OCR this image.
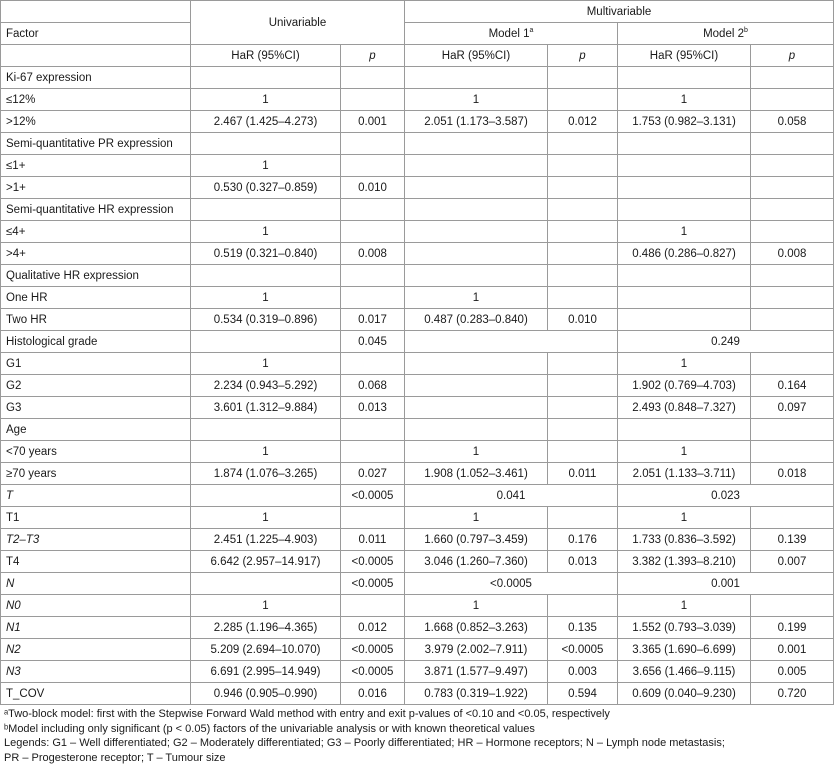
	Univariable		Multivariable			
Factor			Model 1$^a$		Model 2$^b$
	HaR (95%CI)	p	HaR (95%CI)	p	HaR (95%CI)	p
Ki-67 expression						
≤12%	1		1		1	
>12%	2.467 (1.425–4.273)	0.001	2.051 (1.173–3.587)	0.012	1.753 (0.982–3.131)	0.058
Semi-quantitative PR expression						
≤1+	1					
>1+	0.530 (0.327–0.859)	0.010				
Semi-quantitative HR expression						
≤4+	1				1	
>4+	0.519 (0.321–0.840)	0.008			0.486 (0.286–0.827)	0.008
Qualitative HR expression						
One HR	1		1			
Two HR	0.534 (0.319–0.896)	0.017	0.487 (0.283–0.840)	0.010		
Histological grade		0.045			0.249	
G1	1				1	
G2	2.234 (0.943–5.292)	0.068			1.902 (0.769–4.703)	0.164
G3	3.601 (1.312–9.884)	0.013			2.493 (0.848–7.327)	0.097
Age						
<70 years	1		1		1	
≥70 years	1.874 (1.076–3.265)	0.027	1.908 (1.052–3.461)	0.011	2.051 (1.133–3.711)	0.018
T		<0.0005	0.041		0.023	
T1	1		1		1	
T2–T3	2.451 (1.225–4.903)	0.011	1.660 (0.797–3.459)	0.176	1.733 (0.836–3.592)	0.139
T4	6.642 (2.957–14.917)	<0.0005	3.046 (1.260–7.360)	0.013	3.382 (1.393–8.210)	0.007
N		<0.0005	<0.0005		0.001	
N0	1		1		1	
N1	2.285 (1.196–4.365)	0.012	1.668 (0.852–3.263)	0.135	1.552 (0.793–3.039)	0.199
N2	5.209 (2.694–10.070)	<0.0005	3.979 (2.002–7.911)	<0.0005	3.365 (1.690–6.699)	0.001
N3	6.691 (2.995–14.949)	<0.0005	3.871 (1.577–9.497)	0.003	3.656 (1.466–9.115)	0.005
T_COV	0.946 (0.905–0.990)	0.016	0.783 (0.319–1.922)	0.594	0.609 (0.040–9.230)	0.720
ᵃTwo-block model: first with the Stepwise Forward Wald method with entry and exit p-values of <0.10 and <0.05, respectively
ᵇModel including only significant (p < 0.05) factors of the univariable analysis or with known theoretical values
Legends: G1 – Well differentiated; G2 – Moderately differentiated; G3 – Poorly differentiated; HR – Hormone receptors; N – Lymph node metastasis;
PR – Progesterone receptor; T – Tumour size
